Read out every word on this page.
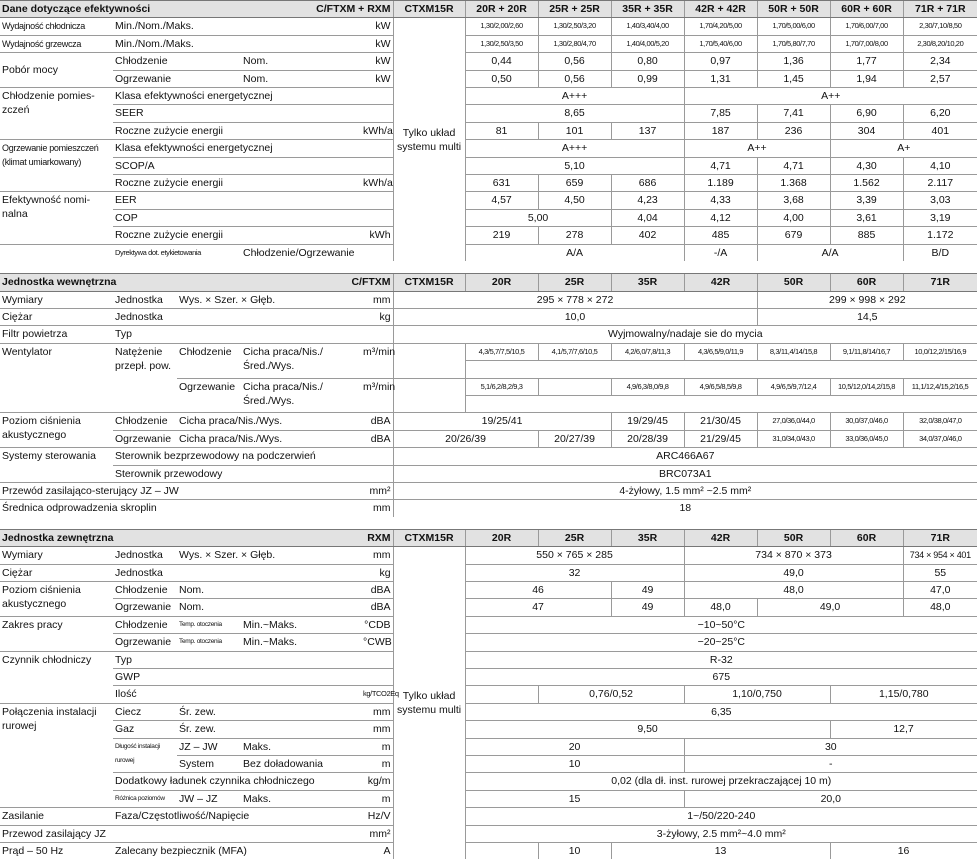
Dane dotyczące efektywności			C/FTXM + RXM		CTXM15R	20R + 20R	25R + 25R	35R + 35R	42R + 42R	50R + 50R	60R + 60R	71R + 71R	
Wydajność chłodnicza	Min./Nom./Maks.			kW	Tylko układ systemu multi	1,30/2,00/2,60	1,30/2,50/3,20	1,40/3,40/4,00	1,70/4,20/5,00	1,70/5,00/6,00	1,70/6,00/7,00	2,30/7,10/8,50	
Wydajność grzewcza	Min./Nom./Maks.			kW		1,30/2,50/3,50	1,30/2,80/4,70	1,40/4,00/5,20	1,70/5,40/6,00	1,70/5,80/7,70	1,70/7,00/8,00	2,30/8,20/10,20	
Pobór mocy	Chłodzenie		Nom.	kW		0,44	0,56	0,80	0,97	1,36	1,77	2,34	
	Ogrzewanie		Nom.	kW		0,50	0,56	0,99	1,31	1,45	1,94	2,57	
Chłodzenie pomies-zczeń	Klasa efektywności energetycznej					A+++			A++				
	SEER					8,65			7,85	7,41	6,90	6,20	
	Roczne zużycie energii			kWh/a		81	101	137	187	236	304	401	
Ogrzewanie pomieszczeń (klimat umiarkowany)	Klasa efektywności energetycznej					A+++			A++		A+		
	SCOP/A					5,10			4,71	4,71	4,30	4,10	
	Roczne zużycie energii			kWh/a		631	659	686	1.189	1.368	1.562	2.117	
Efektywność nomi-nalna	EER					4,57	4,50	4,23	4,33	3,68	3,39	3,03	
	COP					5,00		4,04	4,12	4,00	3,61	3,19	
	Roczne zużycie energii			kWh		219	278	402	485	679	885	1.172	
	Dyrektywa dot. etykietowania		Chłodzenie/Ogrzewanie			A/A			-/A	A/A		B/D	

Jednostka wewnętrzna			C/FTXM		CTXM15R	20R	25R	35R	42R	50R	60R	71R	
Wymiary	Jednostka	Wys. × Szer. × Głęb.		mm	295 × 778 × 272					299 × 998 × 292			
Ciężar	Jednostka			kg	10,0					14,5			
Filtr powietrza	Typ				Wyjmowalny/nadaje sie do mycia								
Wentylator	Natężenie przepł. pow.	Chłodzenie	Cicha praca/Nis./ Śred./Wys.	m³/min		4,3/5,7/7,5/10,5	4,1/5,7/7,6/10,5	4,2/6,0/7,8/11,3	4,3/6,5/9,0/11,9	8,3/11,4/14/15,8	9,1/11,8/14/16,7	10,0/12,2/15/16,9	

		Ogrzewanie	Cicha praca/Nis./ Śred./Wys.	m³/min		5,1/6,2/8,2/9,3		4,9/6,3/8,0/9,8	4,9/6,5/8,5/9,8	4,9/6,5/9,7/12,4	10,5/12,0/14,2/15,8	11,1/12,4/15,2/16,5	

Poziom ciśnienia akustycznego	Chłodzenie	Cicha praca/Nis./Wys.		dBA	19/25/41			19/29/45	21/30/45	27,0/36,0/44,0	30,0/37,0/46,0	32,0/38,0/47,0	
	Ogrzewanie	Cicha praca/Nis./Wys.		dBA	20/26/39		20/27/39	20/28/39	21/29/45	31,0/34,0/43,0	33,0/36,0/45,0	34,0/37,0/46,0	
Systemy sterowania	Sterownik bezprzewodowy na podczerwień				ARC466A67								
	Sterownik przewodowy				BRC073A1								
Przewód zasilająco-sterujący JZ – JW				mm²	4-żyłowy, 1.5 mm² ~2.5 mm²								
Średnica odprowadzenia skroplin				mm	18								

Jednostka zewnętrzna			RXM		CTXM15R	20R	25R	35R	42R	50R	60R	71R	
Wymiary	Jednostka	Wys. × Szer. × Głęb.		mm	Tylko układ systemu multi	550 × 765 × 285			734 × 870 × 373			734 × 954 × 401	
Ciężar	Jednostka			kg		32			49,0			55	
Poziom ciśnienia akustycznego	Chłodzenie	Nom.		dBA		46		49	48,0			47,0	
	Ogrzewanie	Nom.		dBA		47		49	48,0	49,0		48,0	
Zakres pracy	Chłodzenie	Temp. otoczenia	Min.~Maks.	°CDB		−10~50°C							
	Ogrzewanie	Temp. otoczenia	Min.~Maks.	°CWB		−20~25°C							
Czynnik chłodniczy	Typ					R-32							
	GWP					675							
	Ilość			kg/TCO2Eq			0,76/0,52		1,10/0,750		1,15/0,780		
Połączenia instalacji rurowej	Ciecz	Śr. zew.		mm		6,35							
	Gaz	Śr. zew.		mm		9,50					12,7	
	Długość instalacji rurowej	JZ – JW	Maks.	m		20			30				
		System	Bez doładowania	m		10			-				
	Dodatkowy ładunek czynnika chłodniczego			kg/m		0,02 (dla dł. inst. rurowej przekraczającej 10 m)							
	Różnica poziomów	JW – JZ	Maks.	m		15			20,0				
Zasilanie	Faza/Częstotliwość/Napięcie			Hz/V		1~/50/220-240							
Przewod zasilający JZ				mm²		3-żyłowy, 2.5 mm²~4.0 mm²							
Prąd – 50 Hz	Zalecany bezpiecznik (MFA)			A			10	13			16	
